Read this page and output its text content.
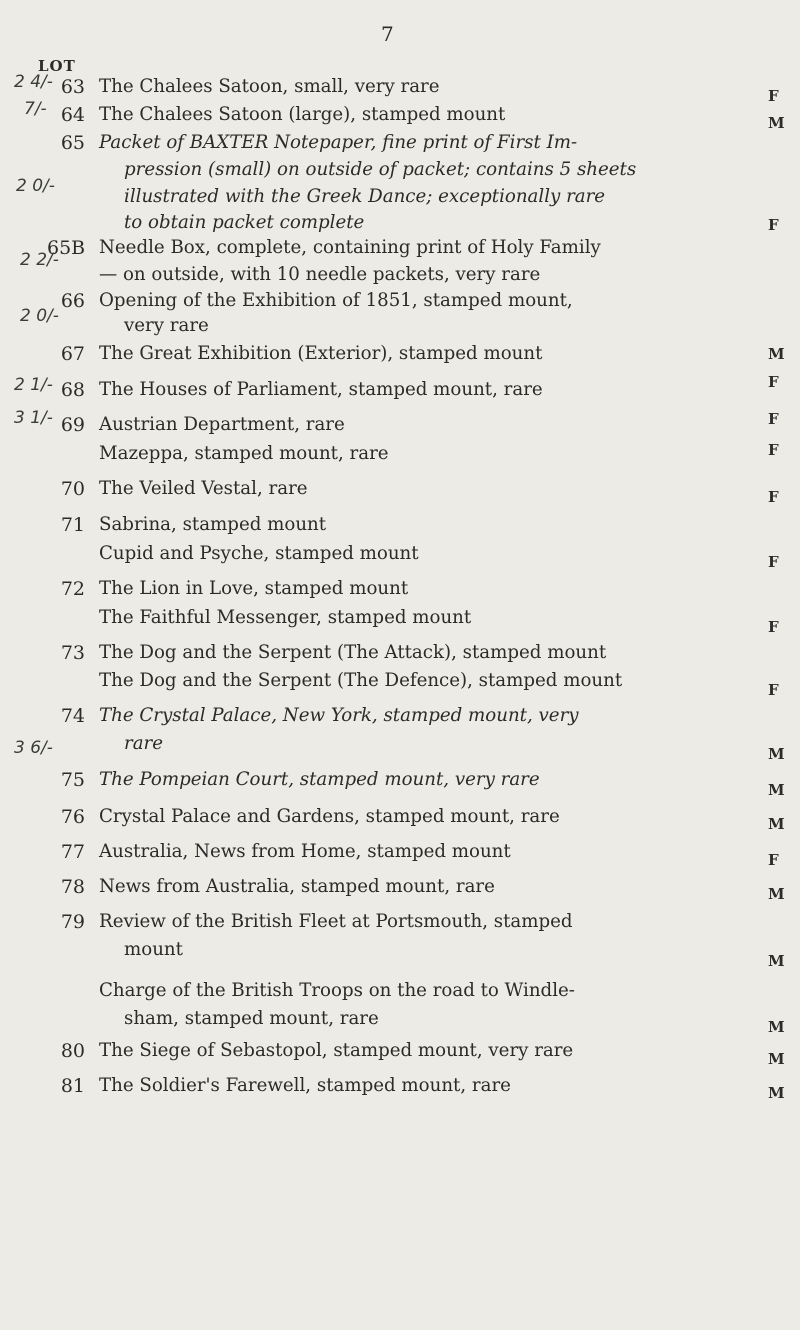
7
LOT
2 4/-
7/-
2 0/-
2 2/-
2 0/-
2 1/-
3 1/-
3 6/-
63
64
65
65B
66
67
68
69
70
71
72
73
74
75
76
77
78
79
80
81
The Chalees Satoon, small, very rare
The Chalees Satoon (large), stamped mount
Packet of BAXTER Notepaper, fine print of First Im-
pression (small) on outside of packet; contains 5 sheets
illustrated with the Greek Dance; exceptionally rare
to obtain packet complete
Needle Box, complete, containing print of Holy Family
— on outside, with 10 needle packets, very rare
Opening of the Exhibition of 1851, stamped mount,
very rare
The Great Exhibition (Exterior), stamped mount
The Houses of Parliament, stamped mount, rare
Austrian Department, rare
Mazeppa, stamped mount, rare
The Veiled Vestal, rare
Sabrina, stamped mount
Cupid and Psyche, stamped mount
The Lion in Love, stamped mount
The Faithful Messenger, stamped mount
The Dog and the Serpent (The Attack), stamped mount
The Dog and the Serpent (The Defence), stamped mount
The Crystal Palace, New York, stamped mount, very
rare
The Pompeian Court, stamped mount, very rare
Crystal Palace and Gardens, stamped mount, rare
Australia, News from Home, stamped mount
News from Australia, stamped mount, rare
Review of the British Fleet at Portsmouth, stamped
mount
Charge of the British Troops on the road to Windle-
sham, stamped mount, rare
The Siege of Sebastopol, stamped mount, very rare
The Soldier's Farewell, stamped mount, rare
F
M
F
M
F
F
F
F
F
F
F
M
M
M
F
M
M
M
M
M
